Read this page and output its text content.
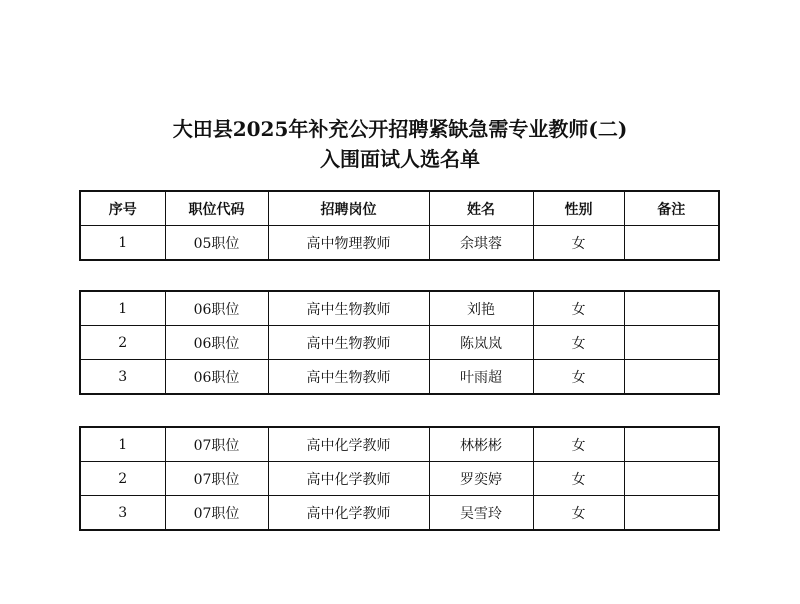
大田县2025年补充公开招聘紧缺急需专业教师(二)
入围面试人选名单
序号	职位代码	招聘岗位	姓名	性别	备注
1	05职位	高中物理教师	余琪蓉	女	
1	06职位	高中生物教师	刘艳	女	
2	06职位	高中生物教师	陈岚岚	女	
3	06职位	高中生物教师	叶雨超	女	
1	07职位	高中化学教师	林彬彬	女	
2	07职位	高中化学教师	罗奕婷	女	
3	07职位	高中化学教师	吴雪玲	女	
